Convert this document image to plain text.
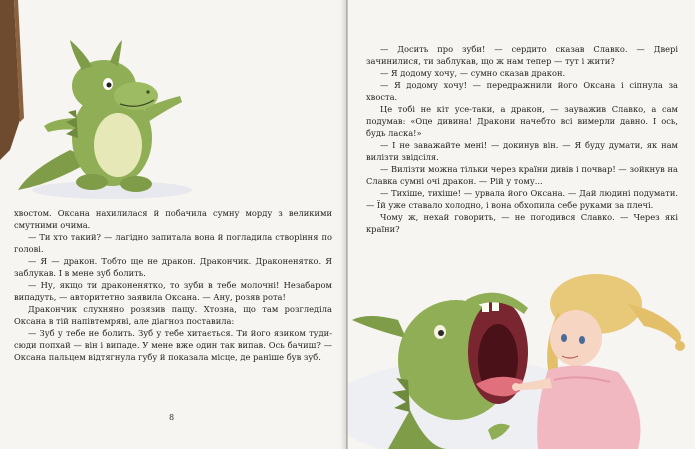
хвостом. Оксана нахилилася й побачила сумну морду з великими смутними очима.

— Ти хто такий? — лагідно запитала вона й погладила створіння по голові.

— Я — дракон. Тобто ще не дракон. Дракончик. Драконенятко. Я заблукав. І в мене зуб болить.

— Ну, якщо ти драконенятко, то зуби в тебе молочні! Незабаром випадуть, — авторитетно заявила Оксана. — Ану, розяв рота!

Дракончик слухняно розязив пащу. Хтозна, що там розгледіла Оксана в тій напівтемряві, але діагноз поставила:

— Зуб у тебе не болить. Зуб у тебе хитається. Ти його язиком туди-сюди попхай — він і випаде. У мене вже один так випав. Ось бачиш? — Оксана пальцем відтягнула губу й показала місце, де раніше був зуб.

8

— Досить про зуби! — сердито сказав Славко. — Двері зачинилися, ти заблукав, що ж нам тепер — тут і жити?

— Я додому хочу, — сумно сказав дракон.

— Я додому хочу! — передражнили його Оксана і сіпнула за хвоста.

Це тобі не кіт усе-таки, а дракон, — зауважив Славко, а сам подумав: «Оце дивина! Дракони начебто всі вимерли давно. І ось, будь ласка!»

— І не заважайте мені! — докинув він. — Я буду думати, як нам вилізти звідсіля.

— Вилізти можна тільки через країни дивів і почвар! — зойкнув на Славка сумні очі дракон. — Рій у тому...

— Тихіше, тихіше! — урвала його Оксана. — Дай людині подумати. — Їй уже ставало холодно, і вона обхопила себе руками за плечі.

Чому ж, нехай говорить, — не погодився Славко. — Через які країни?
